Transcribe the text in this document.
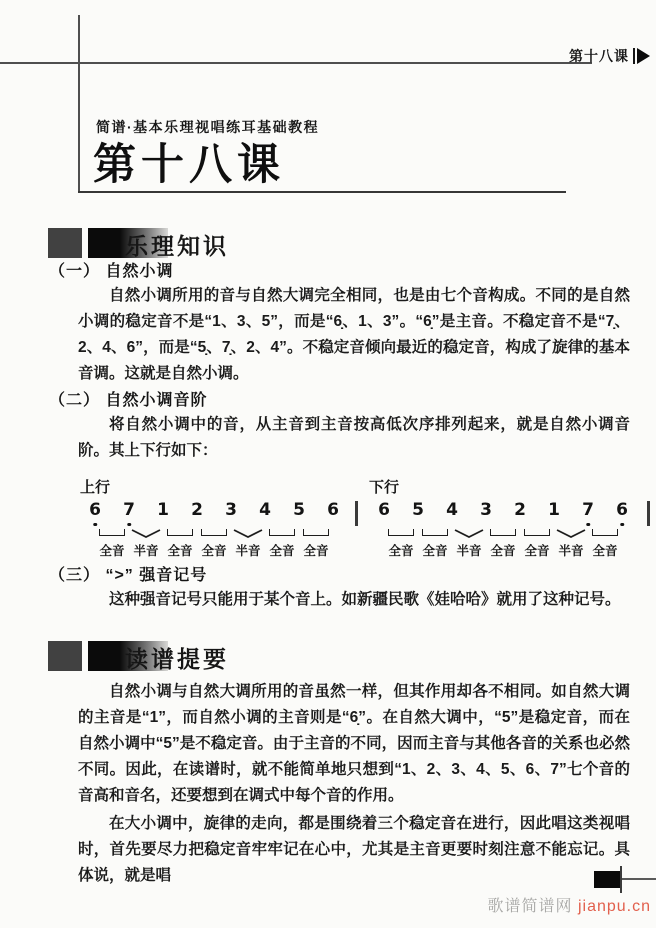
第十八课
简谱·基本乐理视唱练耳基础教程
第十八课
乐理知识
（一） 自然小调

自然小调所用的音与自然大调完全相同，也是由七个音构成。不同的是自然小调的稳定音不是“1、3、5”，而是“6̣、1、3”。“6̣”是主音。不稳定音不是“7̣、2、4、6”，而是“5̣、7̣、2、4”。不稳定音倾向最近的稳定音，构成了旋律的基本音调。这就是自然小调。

（二） 自然小调音阶

将自然小调中的音，从主音到主音按高低次序排列起来，就是自然小调音阶。其上下行如下：

上行
6	7	1	2	3	4	5	6
全音 半音 全音 全音 半音 全音 全音
下行
6	5	4	3	2	1	7	6
全音 全音 半音 全音 全音 半音 全音
（三） “>” 强音记号

这种强音记号只能用于某个音上。如新疆民歌《娃哈哈》就用了这种记号。

读谱提要

自然小调与自然大调所用的音虽然一样，但其作用却各不相同。如自然大调的主音是“1”，而自然小调的主音则是“6̣”。在自然大调中，“5”是稳定音，而在自然小调中“5”是不稳定音。由于主音的不同，因而主音与其他各音的关系也必然不同。因此，在读谱时，就不能简单地只想到“1、2、3、4、5、6、7”七个音的音高和音名，还要想到在调式中每个音的作用。

在大小调中，旋律的走向，都是围绕着三个稳定音在进行，因此唱这类视唱时，首先要尽力把稳定音牢牢记在心中，尤其是主音更要时刻注意不能忘记。具体说，就是唱

歌谱简谱网 jianpu.cn
